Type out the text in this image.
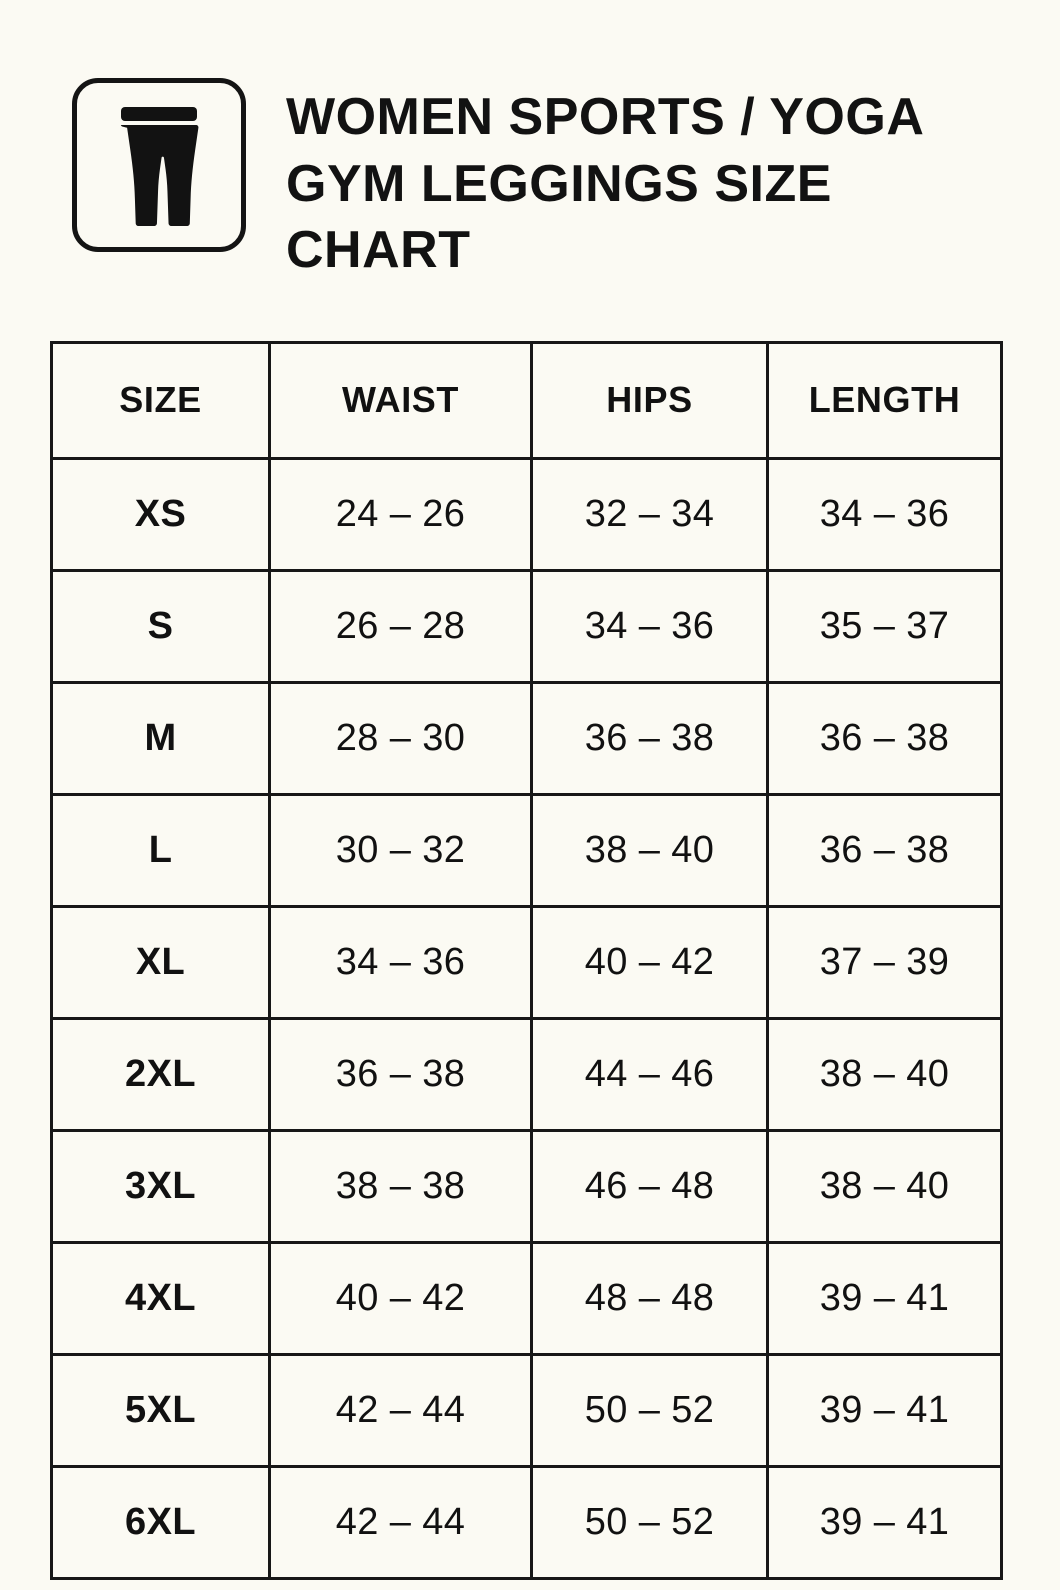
WOMEN SPORTS / YOGA GYM LEGGINGS SIZE CHART
SIZE	WAIST	HIPS	LENGTH
XS	24 – 26	32 – 34	34 – 36
S	26 – 28	34 – 36	35 – 37
M	28 – 30	36 – 38	36 – 38
L	30 – 32	38 – 40	36 – 38
XL	34 – 36	40 – 42	37 – 39
2XL	36 – 38	44 – 46	38 – 40
3XL	38 – 38	46 – 48	38 – 40
4XL	40 – 42	48 – 48	39 – 41
5XL	42 – 44	50 – 52	39 – 41
6XL	42 – 44	50 – 52	39 – 41
